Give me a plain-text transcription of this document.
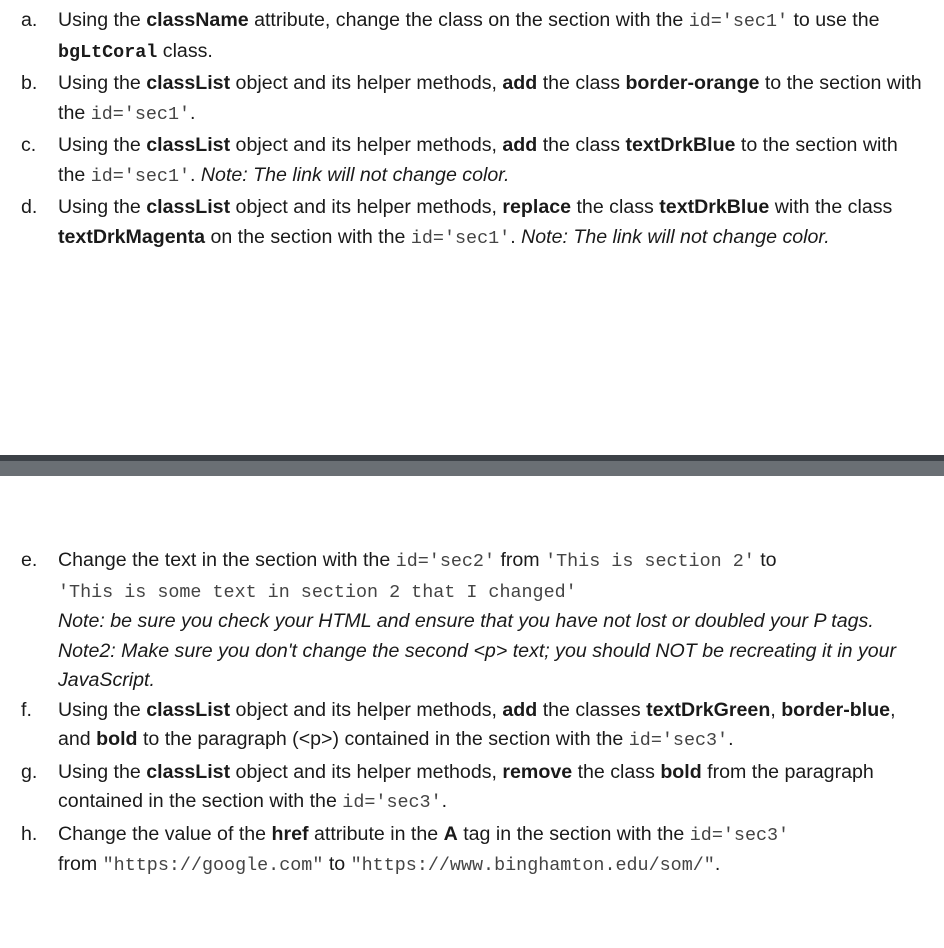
a. Using the className attribute, change the class on the section with the id='sec1' to use the bgLtCoral class.
b. Using the classList object and its helper methods, add the class border-orange to the section with the id='sec1'.
c. Using the classList object and its helper methods, add the class textDrkBlue to the section with the id='sec1'. Note: The link will not change color.
d. Using the classList object and its helper methods, replace the class textDrkBlue with the class textDrkMagenta on the section with the id='sec1'. Note: The link will not change color.
e. Change the text in the section with the id='sec2' from 'This is section 2' to
'This is some text in section 2 that I changed'
Note: be sure you check your HTML and ensure that you have not lost or doubled your P tags.
Note2: Make sure you don't change the second <p> text; you should NOT be recreating it in your JavaScript.
f. Using the classList object and its helper methods, add the classes textDrkGreen, border-blue, and bold to the paragraph (<p>) contained in the section with the id='sec3'.
g. Using the classList object and its helper methods, remove the class bold from the paragraph contained in the section with the id='sec3'.
h. Change the value of the href attribute in the A tag in the section with the id='sec3'
from "https://google.com" to "https://www.binghamton.edu/som/".
